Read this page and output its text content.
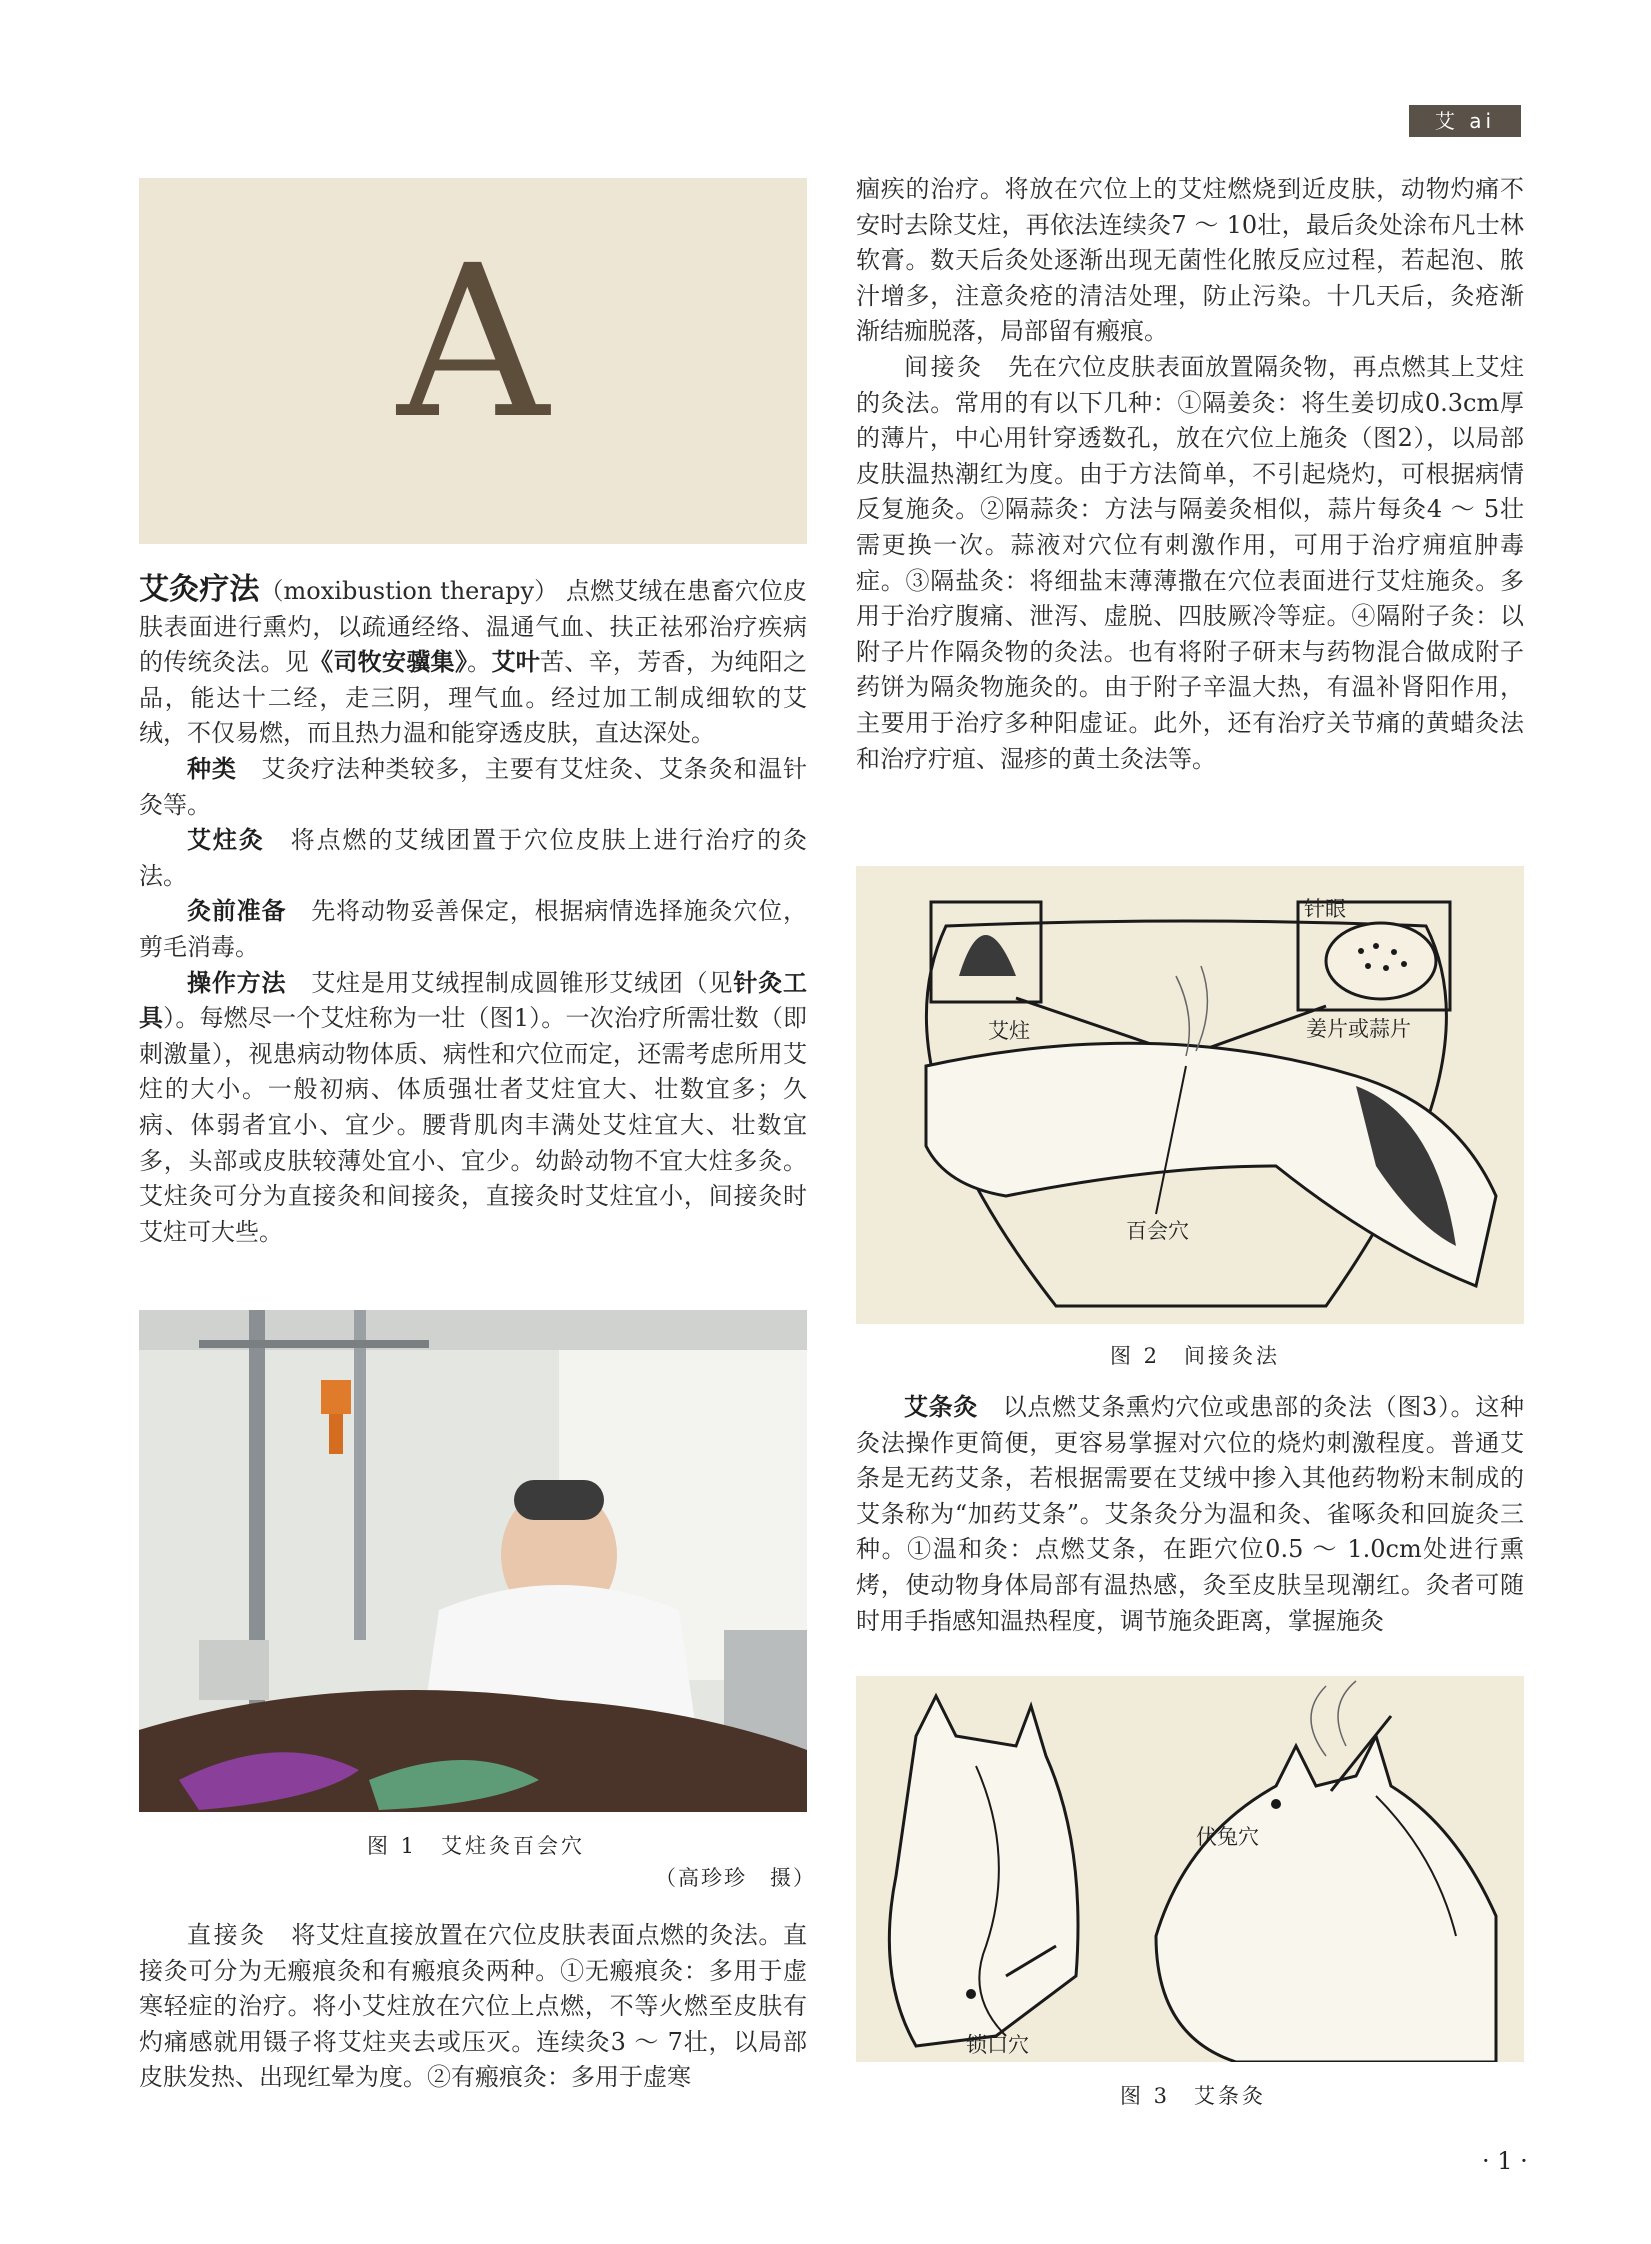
艾 ai
A

艾灸疗法（moxibustion therapy） 点燃艾绒在患畜穴位皮肤表面进行熏灼，以疏通经络、温通气血、扶正祛邪治疗疾病的传统灸法。见《司牧安骥集》。艾叶苦、辛，芳香，为纯阳之品，能达十二经，走三阴，理气血。经过加工制成细软的艾绒，不仅易燃，而且热力温和能穿透皮肤，直达深处。

种类　 艾灸疗法种类较多，主要有艾炷灸、艾条灸和温针灸等。

艾炷灸　 将点燃的艾绒团置于穴位皮肤上进行治疗的灸法。

灸前准备　 先将动物妥善保定，根据病情选择施灸穴位，剪毛消毒。

操作方法　 艾炷是用艾绒捏制成圆锥形艾绒团（见针灸工具）。每燃尽一个艾炷称为一壮（图1）。一次治疗所需壮数（即刺激量），视患病动物体质、病性和穴位而定，还需考虑所用艾炷的大小。一般初病、体质强壮者艾炷宜大、壮数宜多；久病、体弱者宜小、宜少。腰背肌肉丰满处艾炷宜大、壮数宜多，头部或皮肤较薄处宜小、宜少。幼龄动物不宜大炷多灸。艾炷灸可分为直接灸和间接灸，直接灸时艾炷宜小，间接灸时艾炷可大些。

图 1　艾炷灸百会穴
（高珍珍　摄）

直接灸　 将艾炷直接放置在穴位皮肤表面点燃的灸法。直接灸可分为无瘢痕灸和有瘢痕灸两种。①无瘢痕灸：多用于虚寒轻症的治疗。将小艾炷放在穴位上点燃，不等火燃至皮肤有灼痛感就用镊子将艾炷夹去或压灭。连续灸3 ～ 7壮，以局部皮肤发热、出现红晕为度。②有瘢痕灸：多用于虚寒

痼疾的治疗。将放在穴位上的艾炷燃烧到近皮肤，动物灼痛不安时去除艾炷，再依法连续灸7 ～ 10壮，最后灸处涂布凡士林软膏。数天后灸处逐渐出现无菌性化脓反应过程，若起泡、脓汁增多，注意灸疮的清洁处理，防止污染。十几天后，灸疮渐渐结痂脱落，局部留有瘢痕。

间接灸　 先在穴位皮肤表面放置隔灸物，再点燃其上艾炷的灸法。常用的有以下几种：①隔姜灸：将生姜切成0.3cm厚的薄片，中心用针穿透数孔，放在穴位上施灸（图2），以局部皮肤温热潮红为度。由于方法简单，不引起烧灼，可根据病情反复施灸。②隔蒜灸：方法与隔姜灸相似，蒜片每灸4 ～ 5壮需更换一次。蒜液对穴位有刺激作用，可用于治疗痈疽肿毒症。③隔盐灸：将细盐末薄薄撒在穴位表面进行艾炷施灸。多用于治疗腹痛、泄泻、虚脱、四肢厥冷等症。④隔附子灸：以附子片作隔灸物的灸法。也有将附子研末与药物混合做成附子药饼为隔灸物施灸的。由于附子辛温大热，有温补肾阳作用，主要用于治疗多种阳虚证。此外，还有治疗关节痛的黄蜡灸法和治疗疔疽、湿疹的黄土灸法等。

艾炷
针眼
姜片或蒜片
百会穴
图 2　间接灸法

艾条灸　 以点燃艾条熏灼穴位或患部的灸法（图3）。这种灸法操作更简便，更容易掌握对穴位的烧灼刺激程度。普通艾条是无药艾条，若根据需要在艾绒中掺入其他药物粉末制成的艾条称为“加药艾条”。艾条灸分为温和灸、雀啄灸和回旋灸三种。①温和灸：点燃艾条，在距穴位0.5 ～ 1.0cm处进行熏烤，使动物身体局部有温热感，灸至皮肤呈现潮红。灸者可随时用手指感知温热程度，调节施灸距离，掌握施灸

伏兔穴
锁口穴
图 3　艾条灸
· 1 ·
